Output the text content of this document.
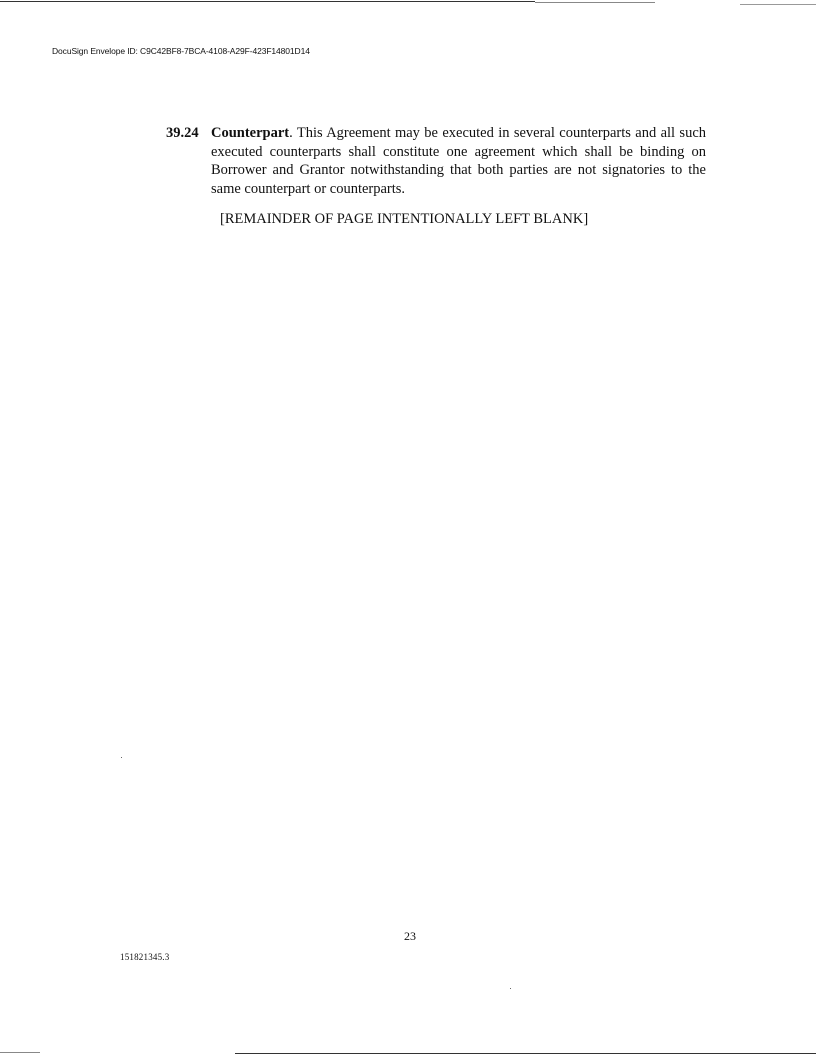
DocuSign Envelope ID: C9C42BF8-7BCA-4108-A29F-423F14801D14
39.24 Counterpart. This Agreement may be executed in several counterparts and all such executed counterparts shall constitute one agreement which shall be binding on Borrower and Grantor notwithstanding that both parties are not signatories to the same counterpart or counterparts.
[REMAINDER OF PAGE INTENTIONALLY LEFT BLANK]
23
151821345.3
